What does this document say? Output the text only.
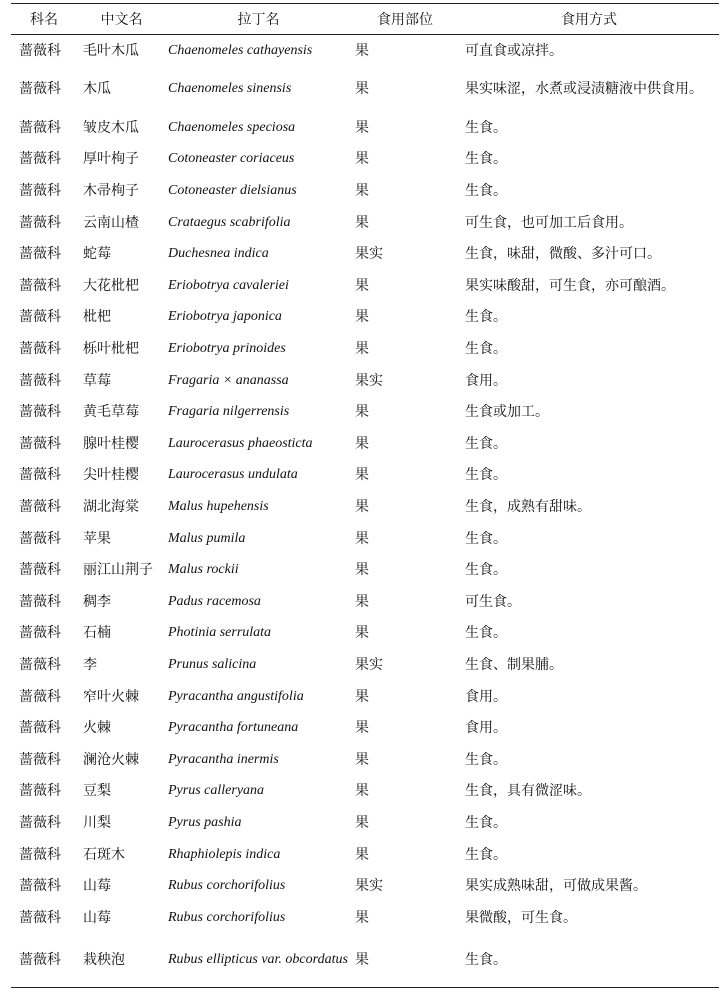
科名	中文名	拉丁名	食用部位	食用方式
蔷薇科	毛叶木瓜	Chaenomeles cathayensis	果	可直食或凉拌。
蔷薇科	木瓜	Chaenomeles sinensis	果	果实味涩，水煮或浸渍糖液中供食用。
蔷薇科	皱皮木瓜	Chaenomeles speciosa	果	生食。
蔷薇科	厚叶栒子	Cotoneaster coriaceus	果	生食。
蔷薇科	木帚栒子	Cotoneaster dielsianus	果	生食。
蔷薇科	云南山楂	Crataegus scabrifolia	果	可生食，也可加工后食用。
蔷薇科	蛇莓	Duchesnea indica	果实	生食，味甜，微酸、多汁可口。
蔷薇科	大花枇杷	Eriobotrya cavaleriei	果	果实味酸甜，可生食，亦可酿酒。
蔷薇科	枇杷	Eriobotrya japonica	果	生食。
蔷薇科	栎叶枇杷	Eriobotrya prinoides	果	生食。
蔷薇科	草莓	Fragaria × ananassa	果实	食用。
蔷薇科	黄毛草莓	Fragaria nilgerrensis	果	生食或加工。
蔷薇科	腺叶桂樱	Laurocerasus phaeosticta	果	生食。
蔷薇科	尖叶桂樱	Laurocerasus undulata	果	生食。
蔷薇科	湖北海棠	Malus hupehensis	果	生食，成熟有甜味。
蔷薇科	苹果	Malus pumila	果	生食。
蔷薇科	丽江山荆子	Malus rockii	果	生食。
蔷薇科	稠李	Padus racemosa	果	可生食。
蔷薇科	石楠	Photinia serrulata	果	生食。
蔷薇科	李	Prunus salicina	果实	生食、制果脯。
蔷薇科	窄叶火棘	Pyracantha angustifolia	果	食用。
蔷薇科	火棘	Pyracantha fortuneana	果	食用。
蔷薇科	澜沧火棘	Pyracantha inermis	果	生食。
蔷薇科	豆梨	Pyrus calleryana	果	生食，具有微涩味。
蔷薇科	川梨	Pyrus pashia	果	生食。
蔷薇科	石斑木	Rhaphiolepis indica	果	生食。
蔷薇科	山莓	Rubus corchorifolius	果实	果实成熟味甜，可做成果酱。
蔷薇科	山莓	Rubus corchorifolius	果	果微酸，可生食。
蔷薇科	栽秧泡	Rubus ellipticus var. obcordatus	果	生食。
